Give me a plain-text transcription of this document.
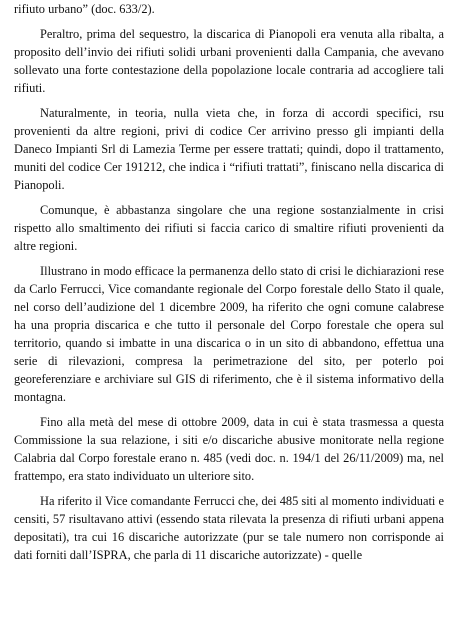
rifiuto urbano” (doc. 633/2).

Peraltro, prima del sequestro, la discarica di Pianopoli era venuta alla ribalta, a proposito dell’invio dei rifiuti solidi urbani provenienti dalla Campania, che avevano sollevato una forte contestazione della popolazione locale contraria ad accogliere tali rifiuti.

Naturalmente, in teoria, nulla vieta che, in forza di accordi specifici, rsu provenienti da altre regioni, privi di codice Cer arrivino presso gli impianti della Daneco Impianti Srl di Lamezia Terme per essere trattati; quindi, dopo il trattamento, muniti del codice Cer 191212, che indica i “rifiuti trattati”, finiscano nella discarica di Pianopoli.

Comunque, è abbastanza singolare che una regione sostanzialmente in crisi rispetto allo smaltimento dei rifiuti si faccia carico di smaltire rifiuti provenienti da altre regioni.

Illustrano in modo efficace la permanenza dello stato di crisi le dichiarazioni rese da Carlo Ferrucci, Vice comandante regionale del Corpo forestale dello Stato il quale, nel corso dell’audizione del 1 dicembre 2009, ha riferito che ogni comune calabrese ha una propria discarica e che tutto il personale del Corpo forestale che opera sul territorio, quando si imbatte in una discarica o in un sito di abbandono, effettua una serie di rilevazioni, compresa la perimetrazione del sito, per poterlo poi georeferenziare e archiviare sul GIS di riferimento, che è il sistema informativo della montagna.

Fino alla metà del mese di ottobre 2009, data in cui è stata trasmessa a questa Commissione la sua relazione, i siti e/o discariche abusive monitorate nella regione Calabria dal Corpo forestale erano n. 485 (vedi doc. n. 194/1 del 26/11/2009) ma, nel frattempo, era stato individuato un ulteriore sito.

Ha riferito il Vice comandante Ferrucci che, dei 485 siti al momento individuati e censiti, 57 risultavano attivi (essendo stata rilevata la presenza di rifiuti urbani appena depositati), tra cui 16 discariche autorizzate (pur se tale numero non corrisponde ai dati forniti dall’ISPRA, che parla di 11 discariche autorizzate) - quelle
